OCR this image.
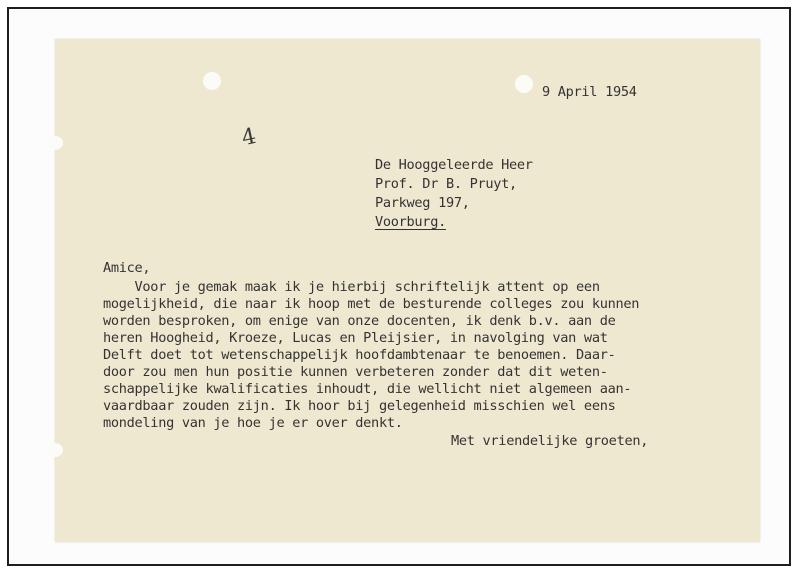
9 April 1954
4
De Hooggeleerde Heer
Prof. Dr B. Pruyt,
Parkweg 197,
Voorburg.
Amice,
Voor je gemak maak ik je hierbij schriftelijk attent op een
mogelijkheid, die naar ik hoop met de besturende colleges zou kunnen
worden besproken, om enige van onze docenten, ik denk b.v. aan de
heren Hoogheid, Kroeze, Lucas en Pleijsier, in navolging van wat
Delft doet tot wetenschappelijk hoofdambtenaar te benoemen. Daar-
door zou men hun positie kunnen verbeteren zonder dat dit weten-
schappelijke kwalificaties inhoudt, die wellicht niet algemeen aan-
vaardbaar zouden zijn. Ik hoor bij gelegenheid misschien wel eens
mondeling van je hoe je er over denkt.
Met vriendelijke groeten,
